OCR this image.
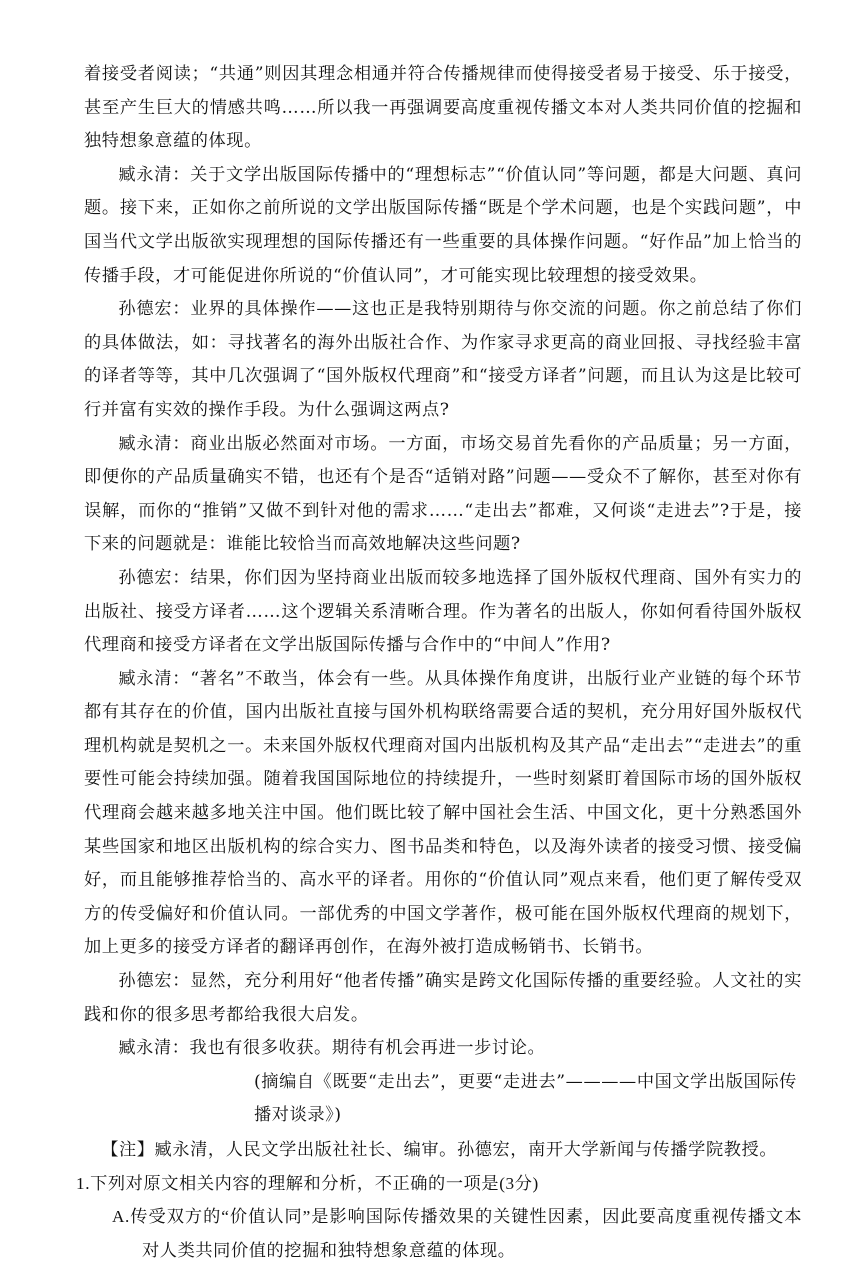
着接受者阅读；“共通”则因其理念相通并符合传播规律而使得接受者易于接受、乐于接受，甚至产生巨大的情感共鸣……所以我一再强调要高度重视传播文本对人类共同价值的挖掘和独特想象意蕴的体现。

臧永清：关于文学出版国际传播中的“理想标志”“价值认同”等问题，都是大问题、真问题。接下来，正如你之前所说的文学出版国际传播“既是个学术问题，也是个实践问题”，中国当代文学出版欲实现理想的国际传播还有一些重要的具体操作问题。“好作品”加上恰当的传播手段，才可能促进你所说的“价值认同”，才可能实现比较理想的接受效果。

孙德宏：业界的具体操作——这也正是我特别期待与你交流的问题。你之前总结了你们的具体做法，如：寻找著名的海外出版社合作、为作家寻求更高的商业回报、寻找经验丰富的译者等等，其中几次强调了“国外版权代理商”和“接受方译者”问题，而且认为这是比较可行并富有实效的操作手段。为什么强调这两点?

臧永清：商业出版必然面对市场。一方面，市场交易首先看你的产品质量；另一方面，即便你的产品质量确实不错，也还有个是否“适销对路”问题——受众不了解你，甚至对你有误解，而你的“推销”又做不到针对他的需求……“走出去”都难，又何谈“走进去”?于是，接下来的问题就是：谁能比较恰当而高效地解决这些问题?

孙德宏：结果，你们因为坚持商业出版而较多地选择了国外版权代理商、国外有实力的出版社、接受方译者……这个逻辑关系清晰合理。作为著名的出版人，你如何看待国外版权代理商和接受方译者在文学出版国际传播与合作中的“中间人”作用?

臧永清：“著名”不敢当，体会有一些。从具体操作角度讲，出版行业产业链的每个环节都有其存在的价值，国内出版社直接与国外机构联络需要合适的契机，充分用好国外版权代理机构就是契机之一。未来国外版权代理商对国内出版机构及其产品“走出去”“走进去”的重要性可能会持续加强。随着我国国际地位的持续提升，一些时刻紧盯着国际市场的国外版权代理商会越来越多地关注中国。他们既比较了解中国社会生活、中国文化，更十分熟悉国外某些国家和地区出版机构的综合实力、图书品类和特色，以及海外读者的接受习惯、接受偏好，而且能够推荐恰当的、高水平的译者。用你的“价值认同”观点来看，他们更了解传受双方的传受偏好和价值认同。一部优秀的中国文学著作，极可能在国外版权代理商的规划下，加上更多的接受方译者的翻译再创作，在海外被打造成畅销书、长销书。

孙德宏：显然，充分利用好“他者传播”确实是跨文化国际传播的重要经验。人文社的实践和你的很多思考都给我很大启发。

臧永清：我也有很多收获。期待有机会再进一步讨论。

(摘编自《既要“走出去”，更要“走进去”————中国文学出版国际传播对谈录》)

【注】臧永清，人民文学出版社社长、编审。孙德宏，南开大学新闻与传播学院教授。

1.下列对原文相关内容的理解和分析，不正确的一项是(3分)

A.传受双方的“价值认同”是影响国际传播效果的关键性因素，因此要高度重视传播文本对人类共同价值的挖掘和独特想象意蕴的体现。
